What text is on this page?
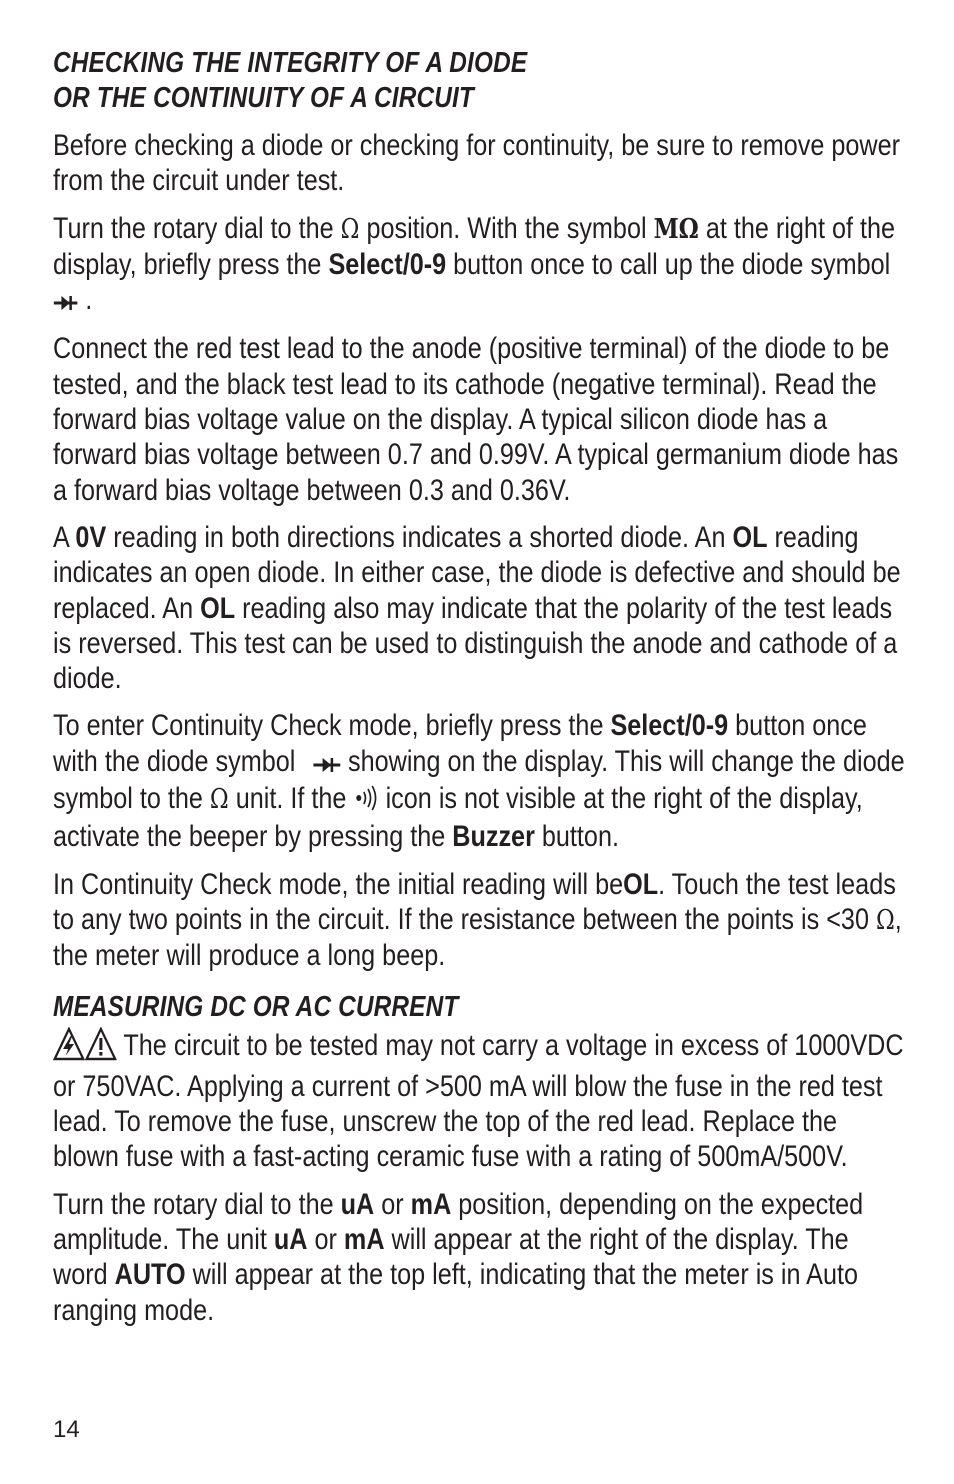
CHECKING THE INTEGRITY OF A DIODE
OR THE CONTINUITY OF A CIRCUIT

Before checking a diode or checking for continuity, be sure to remove power from the circuit under test.

Turn the rotary dial to the Ω position. With the symbol MΩ at the right of the display, briefly press the Select/0-9 button once to call up the diode symbol  .

Connect the red test lead to the anode (positive terminal) of the diode to be tested, and the black test lead to its cathode (negative terminal). Read the forward bias voltage value on the display. A typical silicon diode has a forward bias voltage between 0.7 and 0.99V. A typical germanium diode has a forward bias voltage between 0.3 and 0.36V.

A 0V reading in both directions indicates a shorted diode. An OL reading indicates an open diode. In either case, the diode is defective and should be replaced. An OL reading also may indicate that the polarity of the test leads is reversed. This test can be used to distinguish the anode and cathode of a diode.

To enter Continuity Check mode, briefly press the Select/0-9 button once with the diode symbol showing on the display. This will change the diode symbol to the Ω unit. If the icon is not visible at the right of the display, activate the beeper by pressing the Buzzer button.

In Continuity Check mode, the initial reading will beOL. Touch the test leads to any two points in the circuit. If the resistance between the points is <30 Ω, the meter will produce a long beep.

MEASURING DC OR AC CURRENT

The circuit to be tested may not carry a voltage in excess of 1000VDC or 750VAC. Applying a current of >500 mA will blow the fuse in the red test lead. To remove the fuse, unscrew the top of the red lead. Replace the blown fuse with a fast-acting ceramic fuse with a rating of 500mA/500V.

Turn the rotary dial to the uA or mA position, depending on the expected amplitude. The unit uA or mA will appear at the right of the display. The word AUTO will appear at the top left, indicating that the meter is in Auto ranging mode.

14
